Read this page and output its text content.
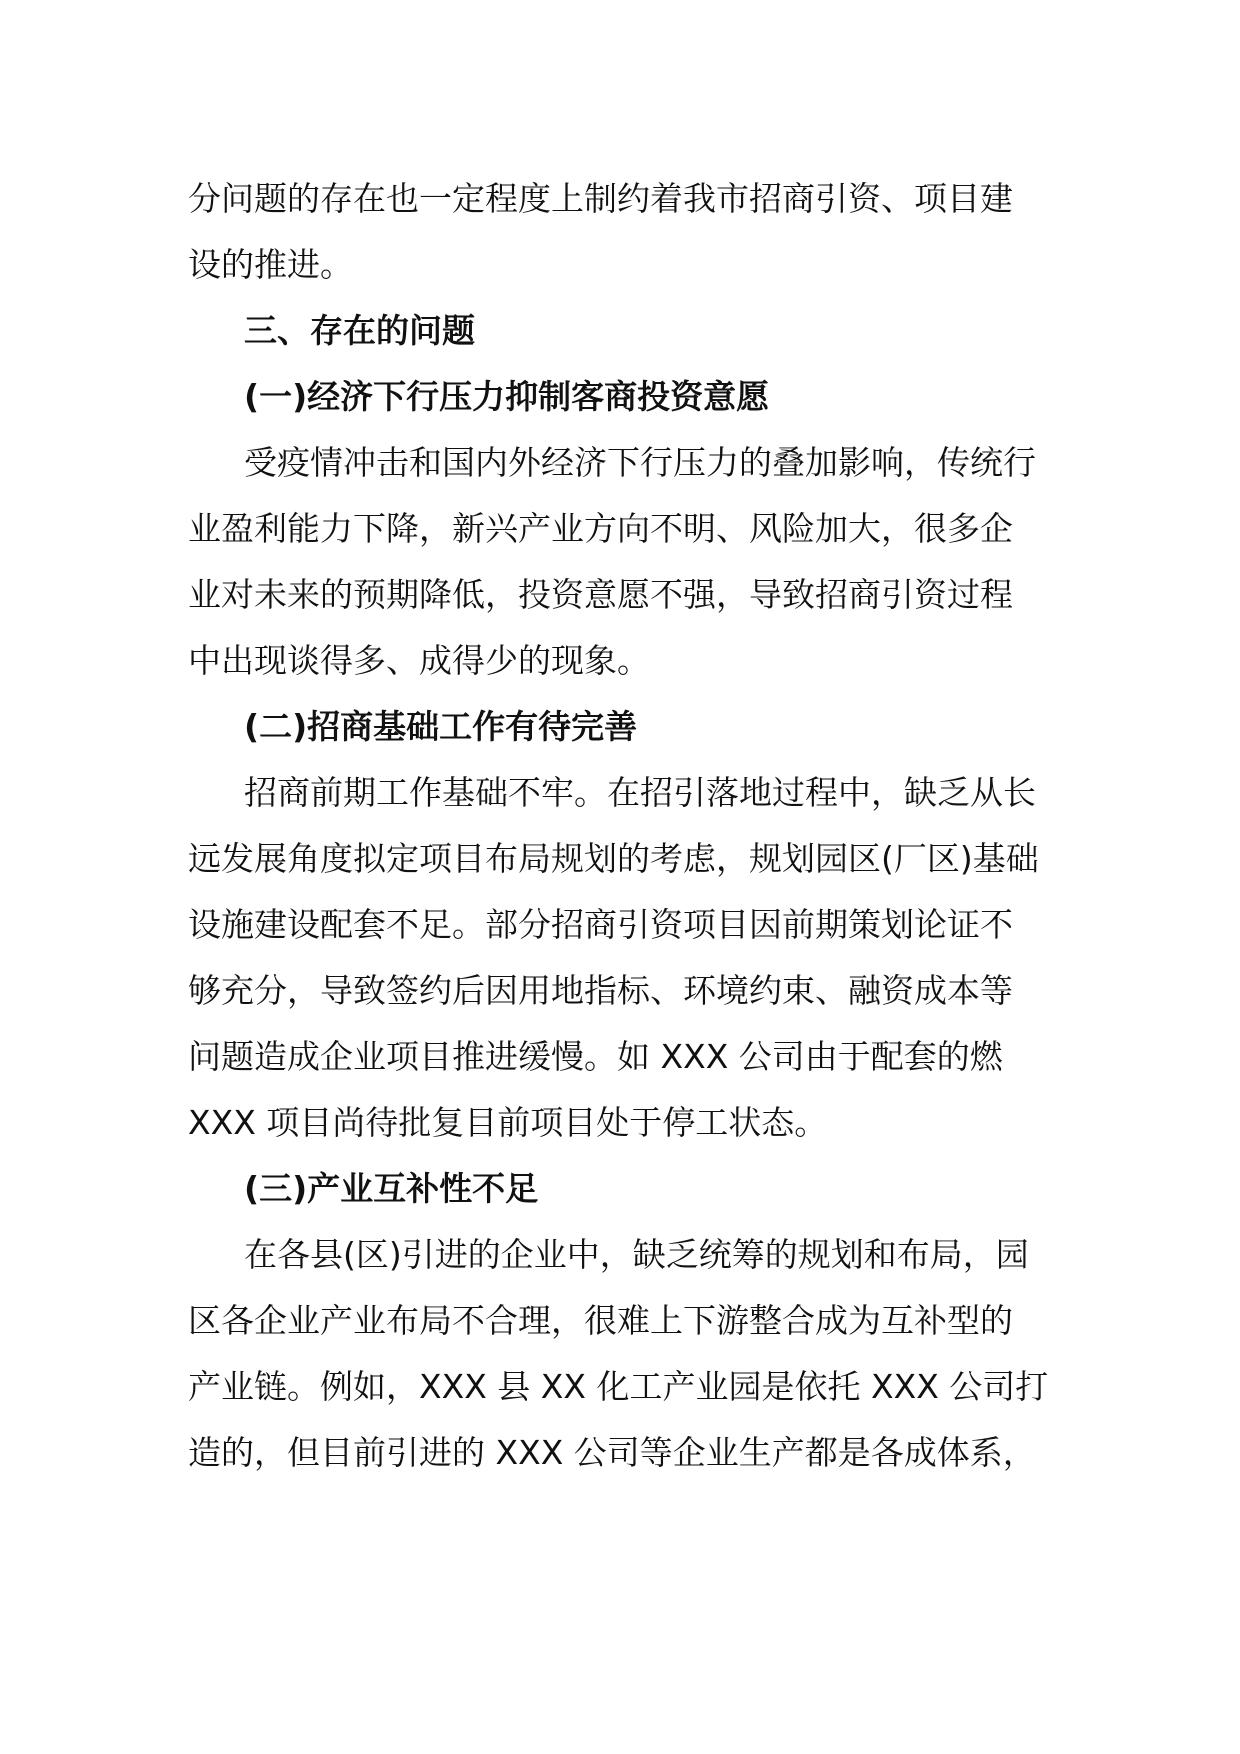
分问题的存在也一定程度上制约着我市招商引资、项目建
设的推进。
三、存在的问题
(一)经济下行压力抑制客商投资意愿
受疫情冲击和国内外经济下行压力的叠加影响，传统行
业盈利能力下降，新兴产业方向不明、风险加大，很多企
业对未来的预期降低，投资意愿不强，导致招商引资过程
中出现谈得多、成得少的现象。
(二)招商基础工作有待完善
招商前期工作基础不牢。在招引落地过程中，缺乏从长
远发展角度拟定项目布局规划的考虑，规划园区(厂区)基础
设施建设配套不足。部分招商引资项目因前期策划论证不
够充分，导致签约后因用地指标、环境约束、融资成本等
问题造成企业项目推进缓慢。如 XXX 公司由于配套的燃
XXX 项目尚待批复目前项目处于停工状态。
(三)产业互补性不足
在各县(区)引进的企业中，缺乏统筹的规划和布局，园
区各企业产业布局不合理，很难上下游整合成为互补型的
产业链。例如，XXX 县 XX 化工产业园是依托 XXX 公司打
造的，但目前引进的 XXX 公司等企业生产都是各成体系，
